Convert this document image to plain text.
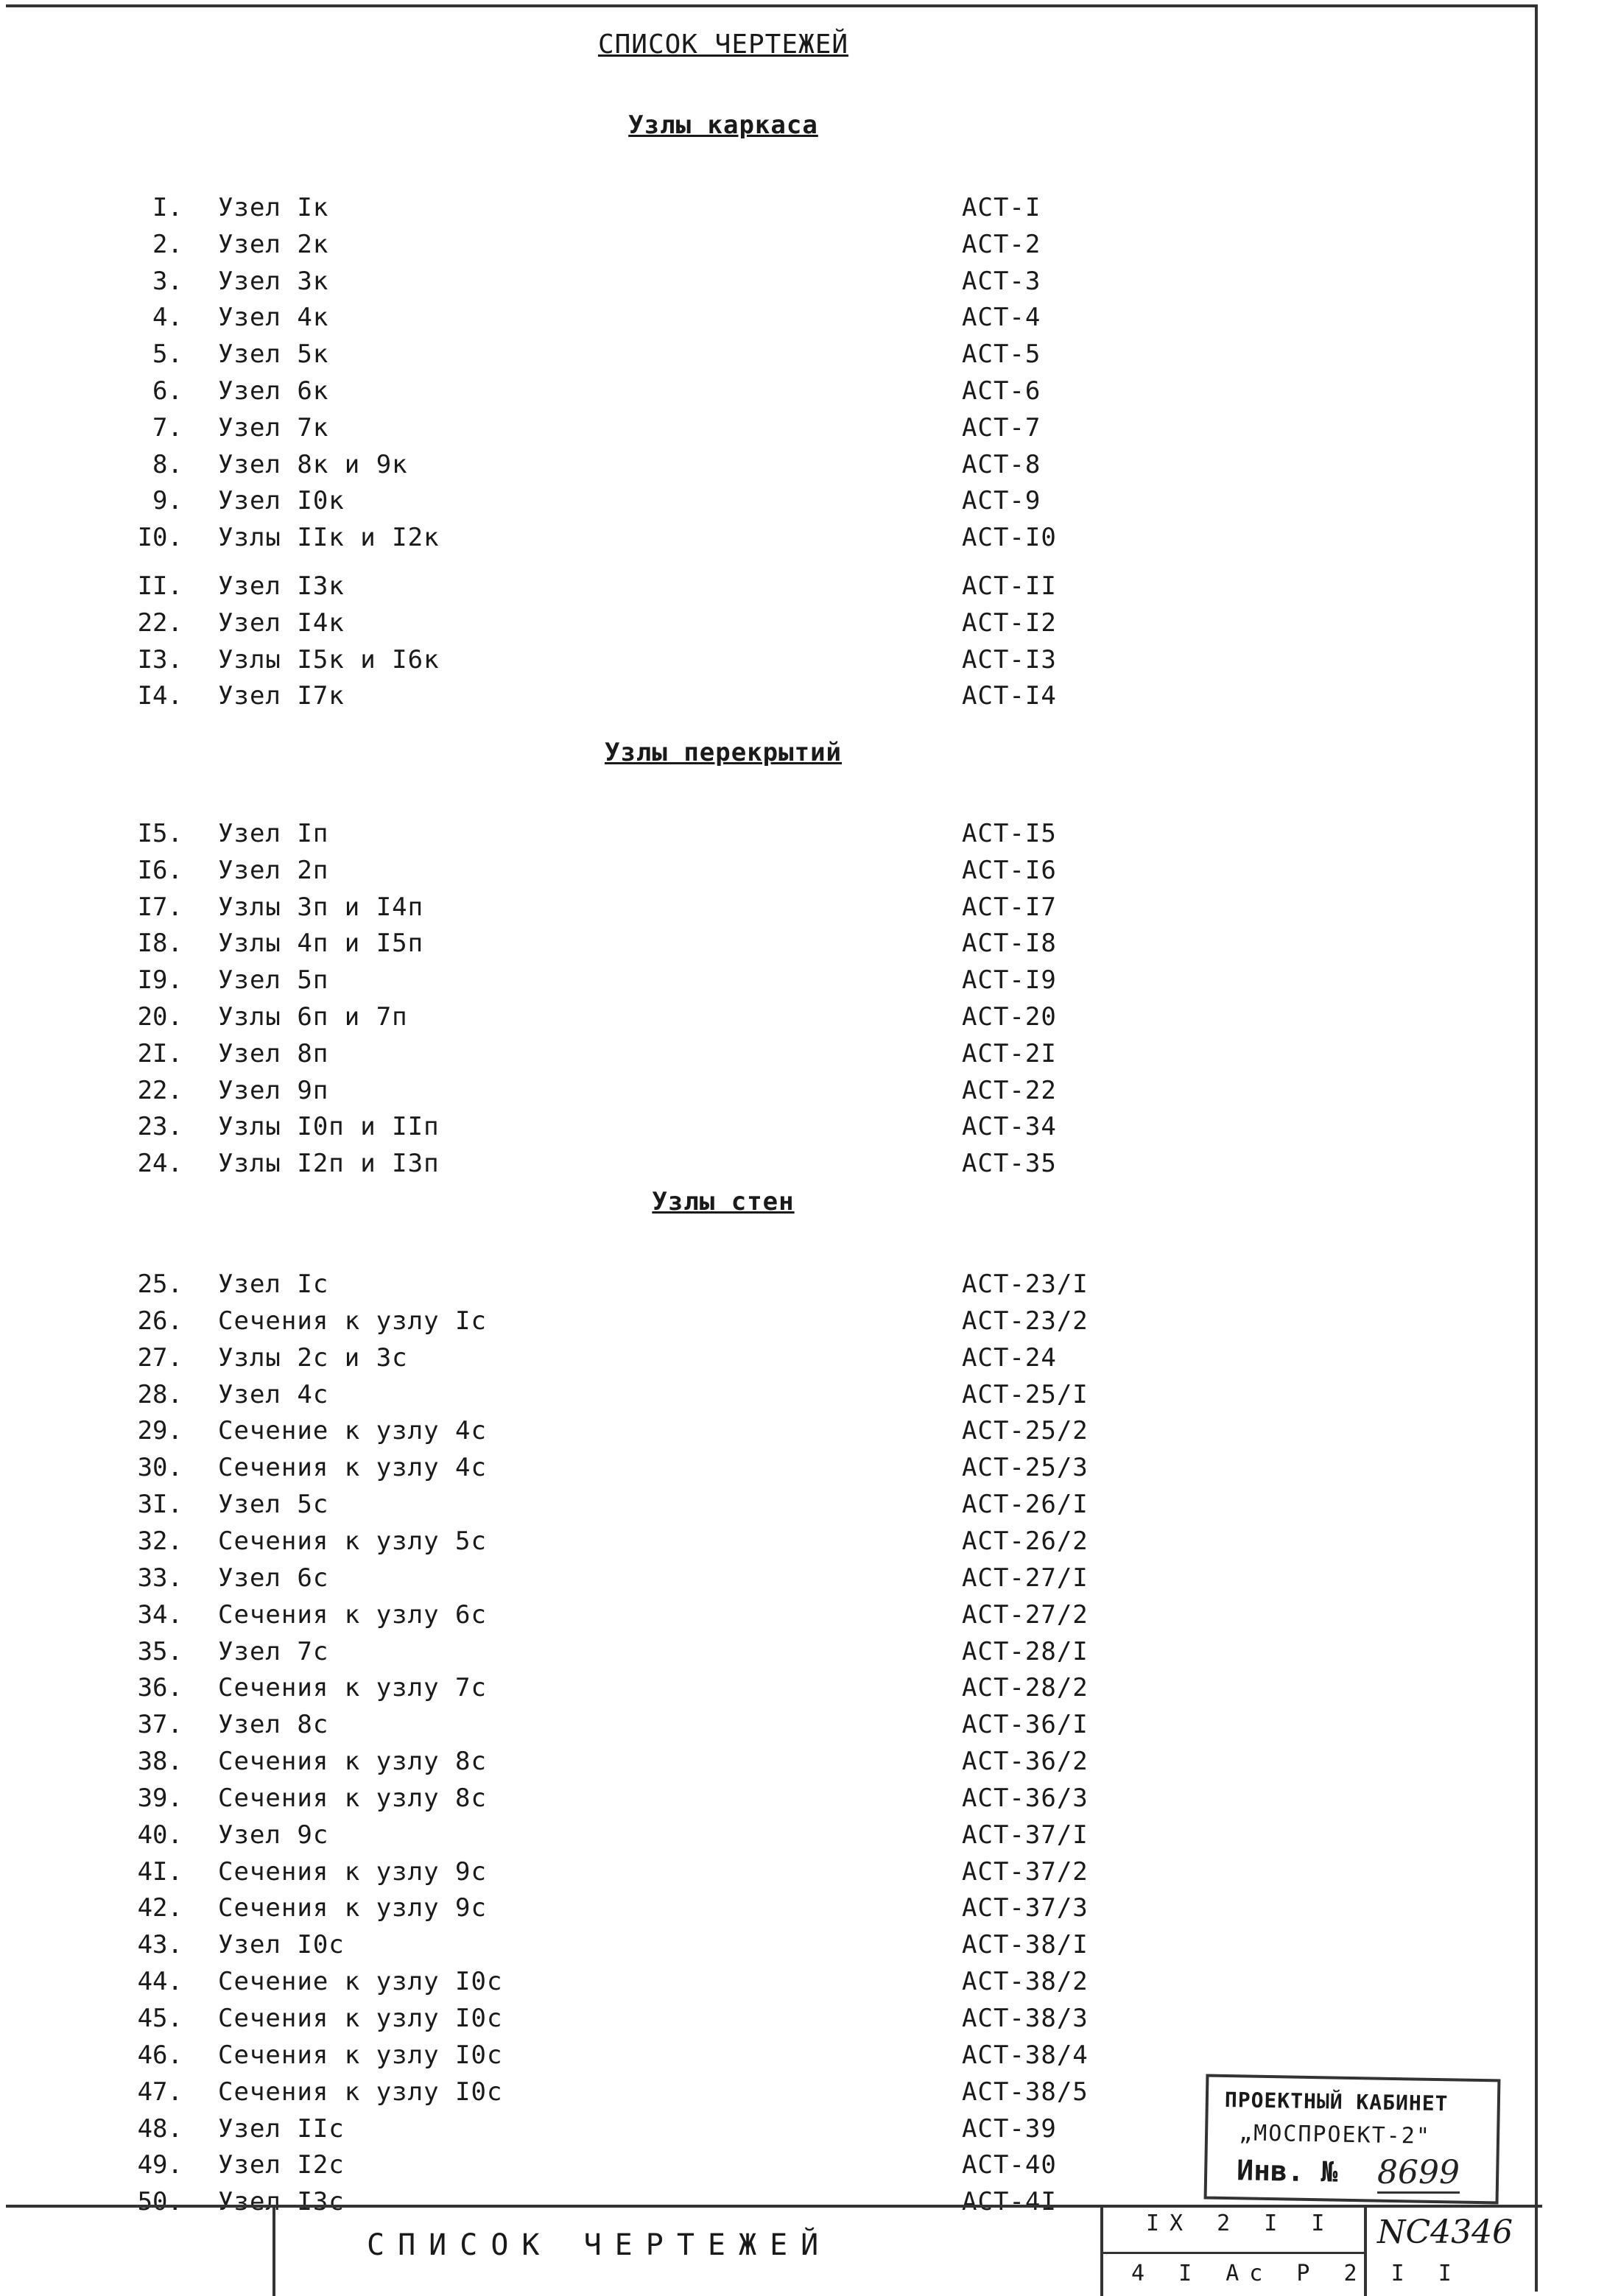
СПИСОК ЧЕРТЕЖЕЙ
Узлы каркаса
I. Узел Iк	АСТ-I
2. Узел 2к	АСТ-2
3. Узел 3к	АСТ-3
4. Узел 4к	АСТ-4
5. Узел 5к	АСТ-5
6. Узел 6к	АСТ-6
7. Узел 7к	АСТ-7
8. Узел 8к и 9к	АСТ-8
9. Узел I0к	АСТ-9
I0. Узлы IIк и I2к	АСТ-I0
II. Узел I3к	АСТ-II
22. Узел I4к	АСТ-I2
I3. Узлы I5к и I6к	АСТ-I3
I4. Узел I7к	АСТ-I4
Узлы перекрытий
I5. Узел Iп	АСТ-I5
I6. Узел 2п	АСТ-I6
I7. Узлы 3п и I4п	АСТ-I7
I8. Узлы 4п и I5п	АСТ-I8
I9. Узел 5п	АСТ-I9
20. Узлы 6п и 7п	АСТ-20
2I. Узел 8п	АСТ-2I
22. Узел 9п	АСТ-22
23. Узлы I0п и IIп	АСТ-34
24. Узлы I2п и I3п	АСТ-35
Узлы стен
25. Узел Iс	АСТ-23/I
26. Сечения к узлу Iс	АСТ-23/2
27. Узлы 2с и 3с	АСТ-24
28. Узел 4с	АСТ-25/I
29. Сечение к узлу 4с	АСТ-25/2
30. Сечения к узлу 4с	АСТ-25/3
3I. Узел 5с	АСТ-26/I
32. Сечения к узлу 5с	АСТ-26/2
33. Узел 6с	АСТ-27/I
34. Сечения к узлу 6с	АСТ-27/2
35. Узел 7с	АСТ-28/I
36. Сечения к узлу 7с	АСТ-28/2
37. Узел 8с	АСТ-36/I
38. Сечения к узлу 8с	АСТ-36/2
39. Сечения к узлу 8с	АСТ-36/3
40. Узел 9с	АСТ-37/I
4I. Сечения к узлу 9с	АСТ-37/2
42. Сечения к узлу 9с	АСТ-37/3
43. Узел I0с	АСТ-38/I
44. Сечение к узлу I0с	АСТ-38/2
45. Сечения к узлу I0с	АСТ-38/3
46. Сечения к узлу I0с	АСТ-38/4
47. Сечения к узлу I0с	АСТ-38/5
48. Узел IIс	АСТ-39
49. Узел I2с	АСТ-40
50. Узел I3с	АСТ-4I
ПРОЕКТНЫЙ КАБИНЕТ
„МОСПРОЕКТ-2"
Инв. № 8699
СПИСОК ЧЕРТЕЖЕЙ
IX 2 I I
4 I Ac P 2 I I
NC4346
